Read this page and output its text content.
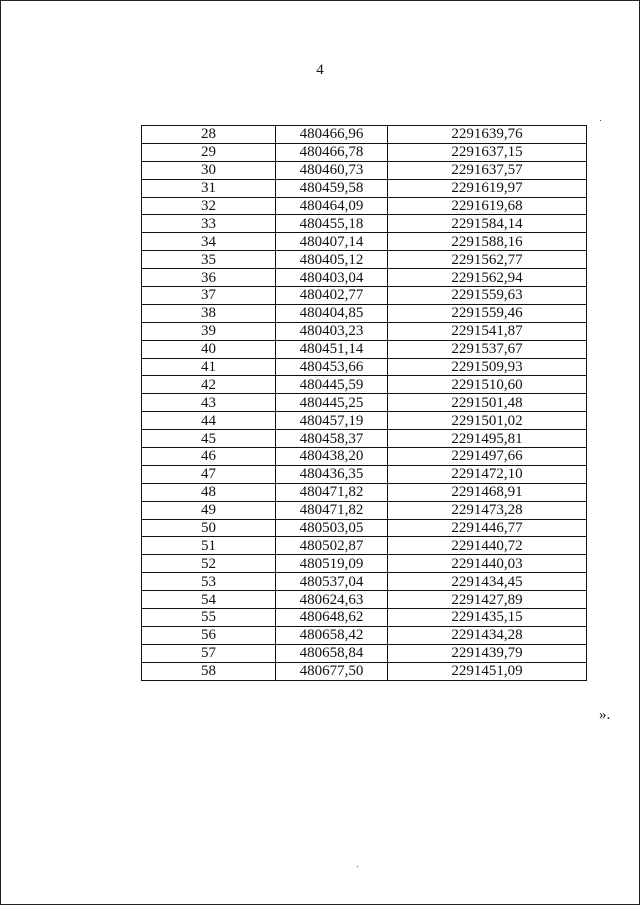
4
28	480466,96	2291639,76
29	480466,78	2291637,15
30	480460,73	2291637,57
31	480459,58	2291619,97
32	480464,09	2291619,68
33	480455,18	2291584,14
34	480407,14	2291588,16
35	480405,12	2291562,77
36	480403,04	2291562,94
37	480402,77	2291559,63
38	480404,85	2291559,46
39	480403,23	2291541,87
40	480451,14	2291537,67
41	480453,66	2291509,93
42	480445,59	2291510,60
43	480445,25	2291501,48
44	480457,19	2291501,02
45	480458,37	2291495,81
46	480438,20	2291497,66
47	480436,35	2291472,10
48	480471,82	2291468,91
49	480471,82	2291473,28
50	480503,05	2291446,77
51	480502,87	2291440,72
52	480519,09	2291440,03
53	480537,04	2291434,45
54	480624,63	2291427,89
55	480648,62	2291435,15
56	480658,42	2291434,28
57	480658,84	2291439,79
58	480677,50	2291451,09
».
